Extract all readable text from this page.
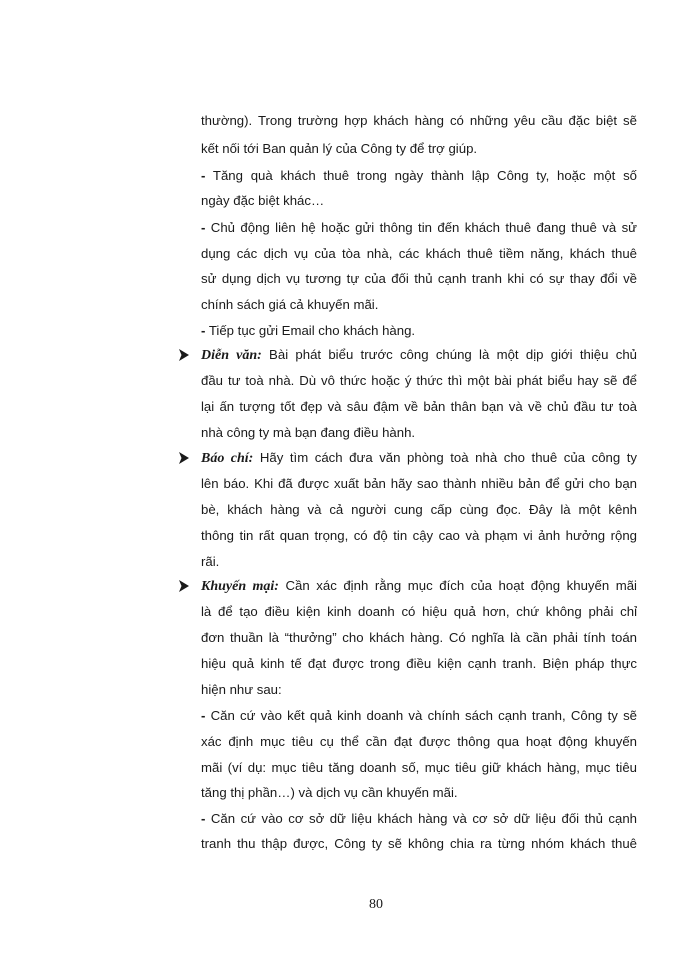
thường). Trong trường hợp khách hàng có những yêu cầu đặc biệt sẽ
kết nối tới Ban quản lý của Công ty để trợ giúp.
- Tăng quà khách thuê trong ngày thành lập Công ty, hoặc một số
ngày đặc biệt khác…
- Chủ động liên hệ hoặc gửi thông tin đến khách thuê đang thuê và sử
dụng các dịch vụ của tòa nhà, các khách thuê tiềm năng, khách thuê
sử dụng dịch vụ tương tự của đối thủ cạnh tranh khi có sự thay đổi về
chính sách giá cả khuyến mãi.
- Tiếp tục gửi Email cho khách hàng.
Diễn văn: Bài phát biểu trước công chúng là một dịp giới thiệu chủ
đầu tư toà nhà. Dù vô thức hoặc ý thức thì một bài phát biểu hay sẽ để
lại ấn tượng tốt đẹp và sâu đậm về bản thân bạn và về chủ đầu tư toà
nhà công ty mà bạn đang điều hành.
Báo chí: Hãy tìm cách đưa văn phòng toà nhà cho thuê của công ty
lên báo. Khi đã được xuất bản hãy sao thành nhiều bản để gửi cho bạn
bè, khách hàng và cả người cung cấp cùng đọc. Đây là một kênh
thông tin rất quan trọng, có độ tin cậy cao và phạm vi ảnh hưởng rộng
rãi.
Khuyến mại: Cần xác định rằng mục đích của hoạt động khuyến mãi
là để tạo điều kiện kinh doanh có hiệu quả hơn, chứ không phải chỉ
đơn thuần là “thưởng” cho khách hàng. Có nghĩa là cần phải tính toán
hiệu quả kinh tế đạt được trong điều kiện cạnh tranh. Biện pháp thực
hiện như sau:
- Căn cứ vào kết quả kinh doanh và chính sách cạnh tranh, Công ty sẽ
xác định mục tiêu cụ thể cần đạt được thông qua hoạt động khuyến
mãi (ví dụ: mục tiêu tăng doanh số, mục tiêu giữ khách hàng, mục tiêu
tăng thị phần…) và dịch vụ cần khuyến mãi.
- Căn cứ vào cơ sở dữ liệu khách hàng và cơ sở dữ liệu đối thủ cạnh
tranh thu thập được, Công ty sẽ không chia ra từng nhóm khách thuê
80
